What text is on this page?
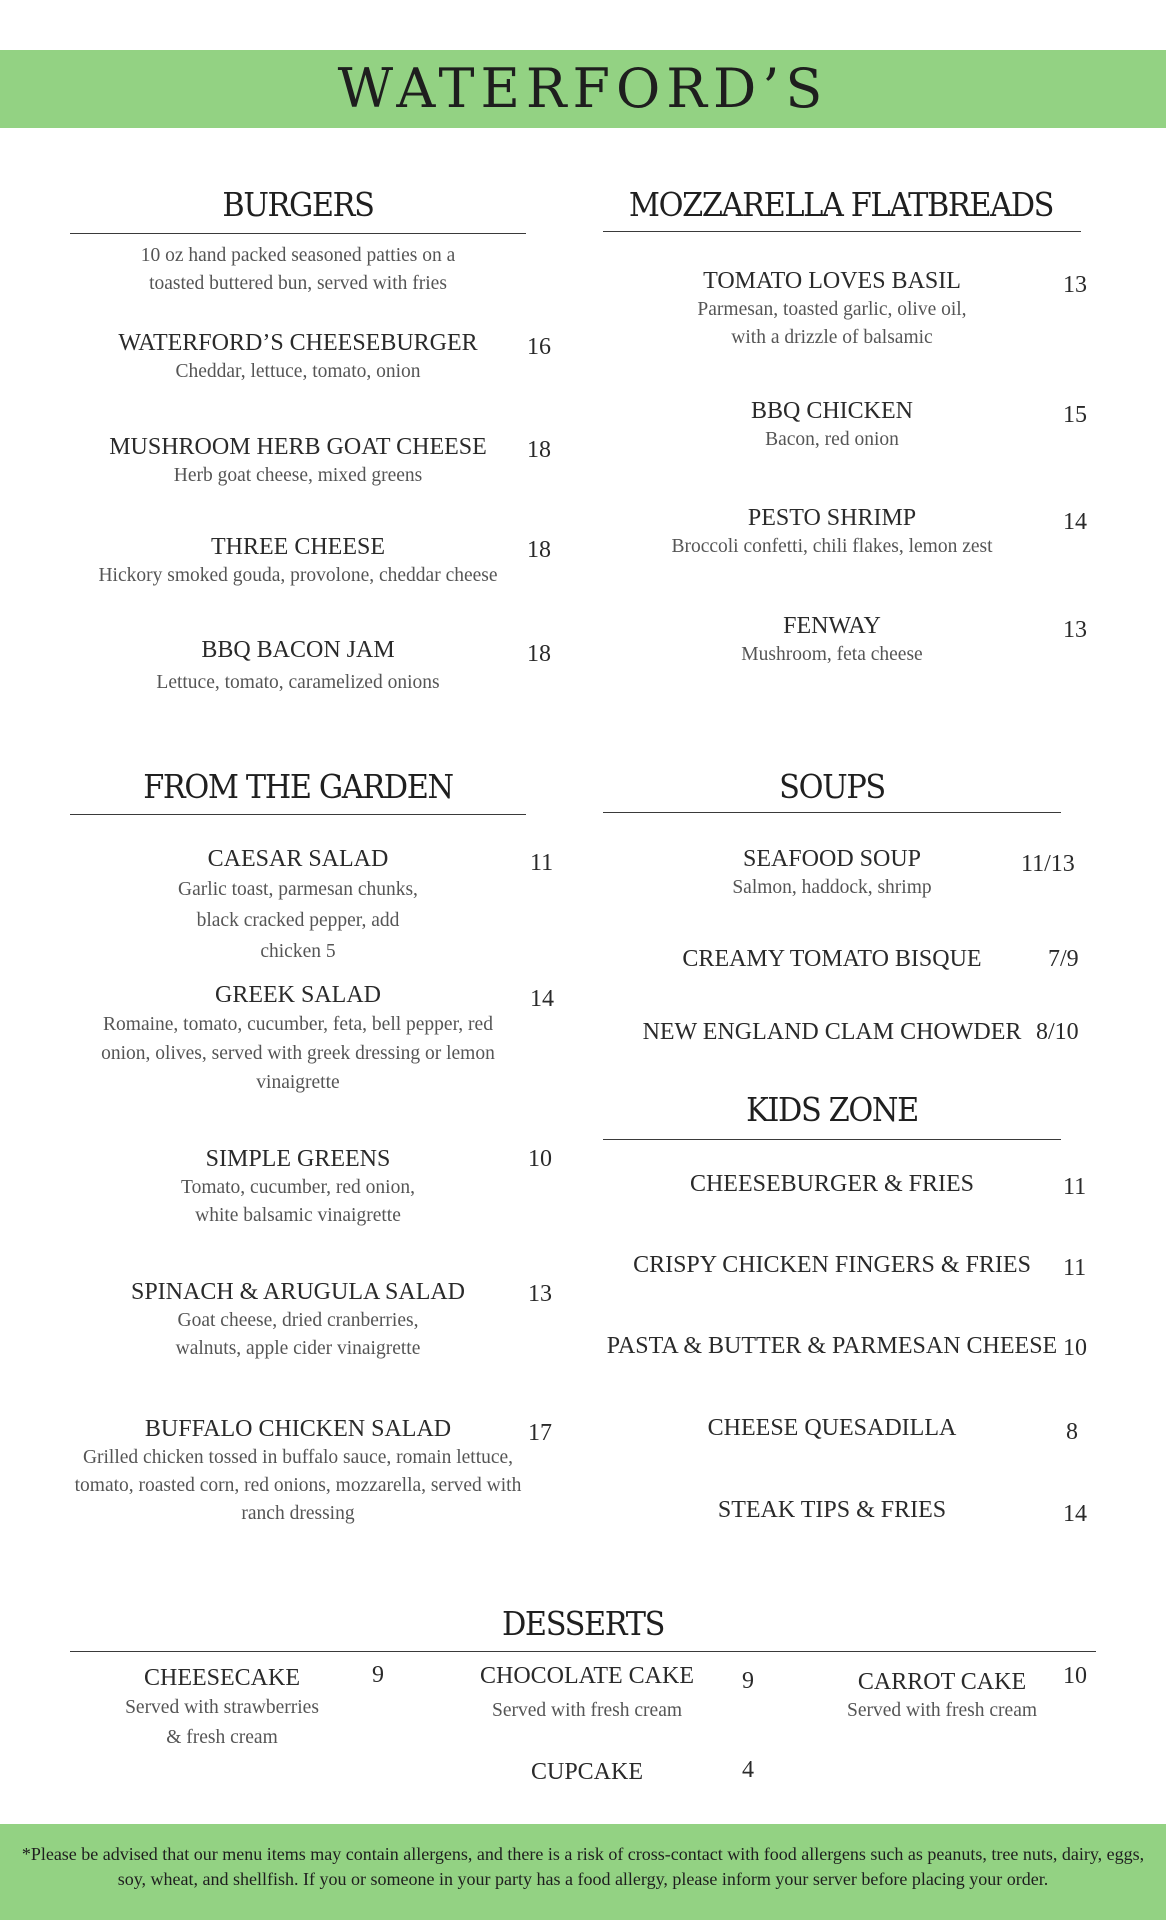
WATERFORD’S
BURGERS
10 oz hand packed seasoned patties on a toasted buttered bun, served with fries
WATERFORD’S CHEESEBURGER
Cheddar, lettuce, tomato, onion
16
MUSHROOM HERB GOAT CHEESE
Herb goat cheese, mixed greens
18
THREE CHEESE
Hickory smoked gouda, provolone, cheddar cheese
18
BBQ BACON JAM
Lettuce, tomato, caramelized onions
18
MOZZARELLA FLATBREADS
TOMATO LOVES BASIL
Parmesan, toasted garlic, olive oil, with a drizzle of balsamic
13
BBQ CHICKEN
Bacon, red onion
15
PESTO SHRIMP
Broccoli confetti, chili flakes, lemon zest
14
FENWAY
Mushroom, feta cheese
13
FROM THE GARDEN
CAESAR SALAD
Garlic toast, parmesan chunks, black cracked pepper, add chicken 5
11
GREEK SALAD
Romaine, tomato, cucumber, feta, bell pepper, red onion, olives, served with greek dressing or lemon vinaigrette
14
SIMPLE GREENS
Tomato, cucumber, red onion, white balsamic vinaigrette
10
SPINACH & ARUGULA SALAD
Goat cheese, dried cranberries, walnuts, apple cider vinaigrette
13
BUFFALO CHICKEN SALAD
Grilled chicken tossed in buffalo sauce, romain lettuce, tomato, roasted corn, red onions, mozzarella, served with ranch dressing
17
SOUPS
SEAFOOD SOUP
Salmon, haddock, shrimp
11/13
CREAMY TOMATO BISQUE	7/9
NEW ENGLAND CLAM CHOWDER 8/10
KIDS ZONE
CHEESEBURGER & FRIES	11
CRISPY CHICKEN FINGERS & FRIES	11
PASTA & BUTTER & PARMESAN CHEESE 10
CHEESE QUESADILLA	8
STEAK TIPS & FRIES	14
DESSERTS
CHEESECAKE
Served with strawberries & fresh cream
9	CHOCOLATE CAKE
Served with fresh cream
9	CARROT CAKE
Served with fresh cream
10
CUPCAKE	4
*Please be advised that our menu items may contain allergens, and there is a risk of cross-contact with food allergens such as peanuts, tree nuts, dairy, eggs, soy, wheat, and shellfish. If you or someone in your party has a food allergy, please inform your server before placing your order.
